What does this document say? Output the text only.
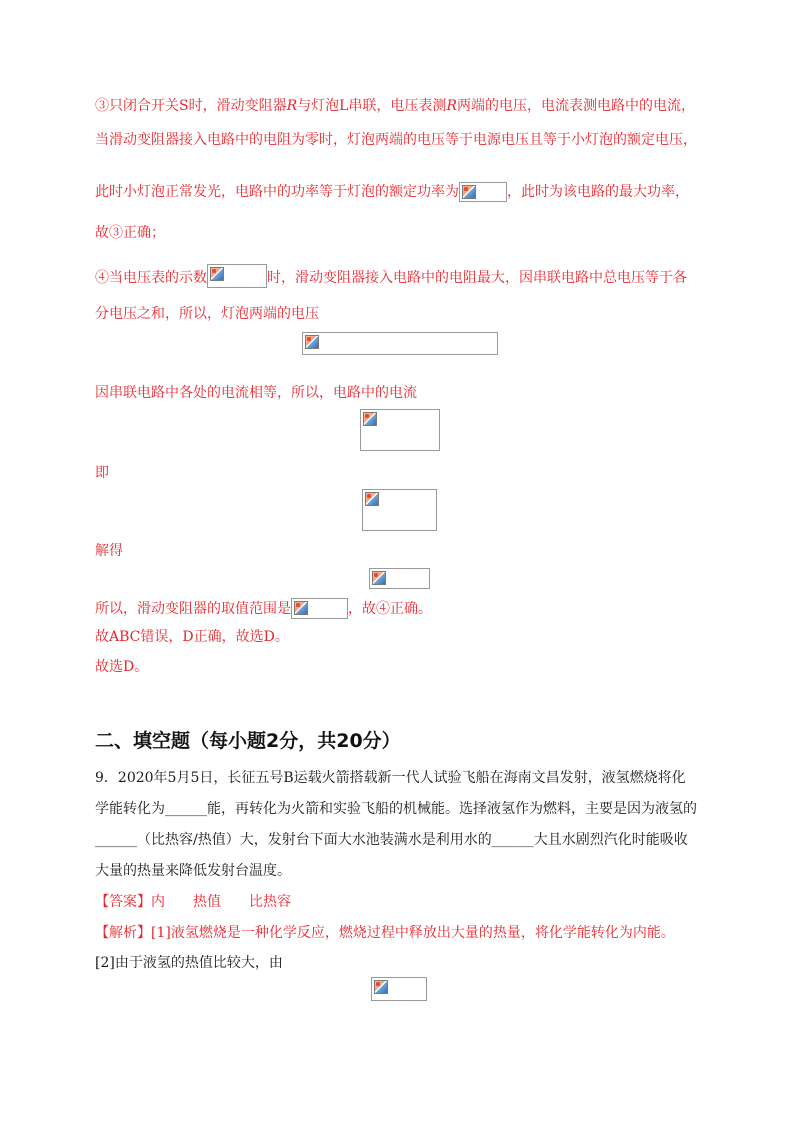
③只闭合开关S时，滑动变阻器R与灯泡L串联，电压表测R两端的电压，电流表测电路中的电流，
当滑动变阻器接入电路中的电阻为零时，灯泡两端的电压等于电源电压且等于小灯泡的额定电压，
此时小灯泡正常发光，电路中的功率等于灯泡的额定功率为	，此时为该电路的最大功率，
故③正确；
④当电压表的示数	时，滑动变阻器接入电路中的电阻最大，因串联电路中总电压等于各
分电压之和，所以，灯泡两端的电压
因串联电路中各处的电流相等，所以，电路中的电流
即
解得
所以，滑动变阻器的取值范围是	，故④正确。
故ABC错误，D正确，故选D。
故选D。
二、填空题（每小题2分，共20分）
9．2020年5月5日，长征五号B运载火箭搭载新一代人试验飞船在海南文昌发射，液氢燃烧将化
学能转化为______能，再转化为火箭和实验飞船的机械能。选择液氢作为燃料，主要是因为液氢的
______（比热容/热值）大，发射台下面大水池装满水是利用水的______大且水剧烈汽化时能吸收
大量的热量来降低发射台温度。
【答案】内 热值 比热容
【解析】[1]液氢燃烧是一种化学反应，燃烧过程中释放出大量的热量，将化学能转化为内能。
[2]由于液氢的热值比较大，由
